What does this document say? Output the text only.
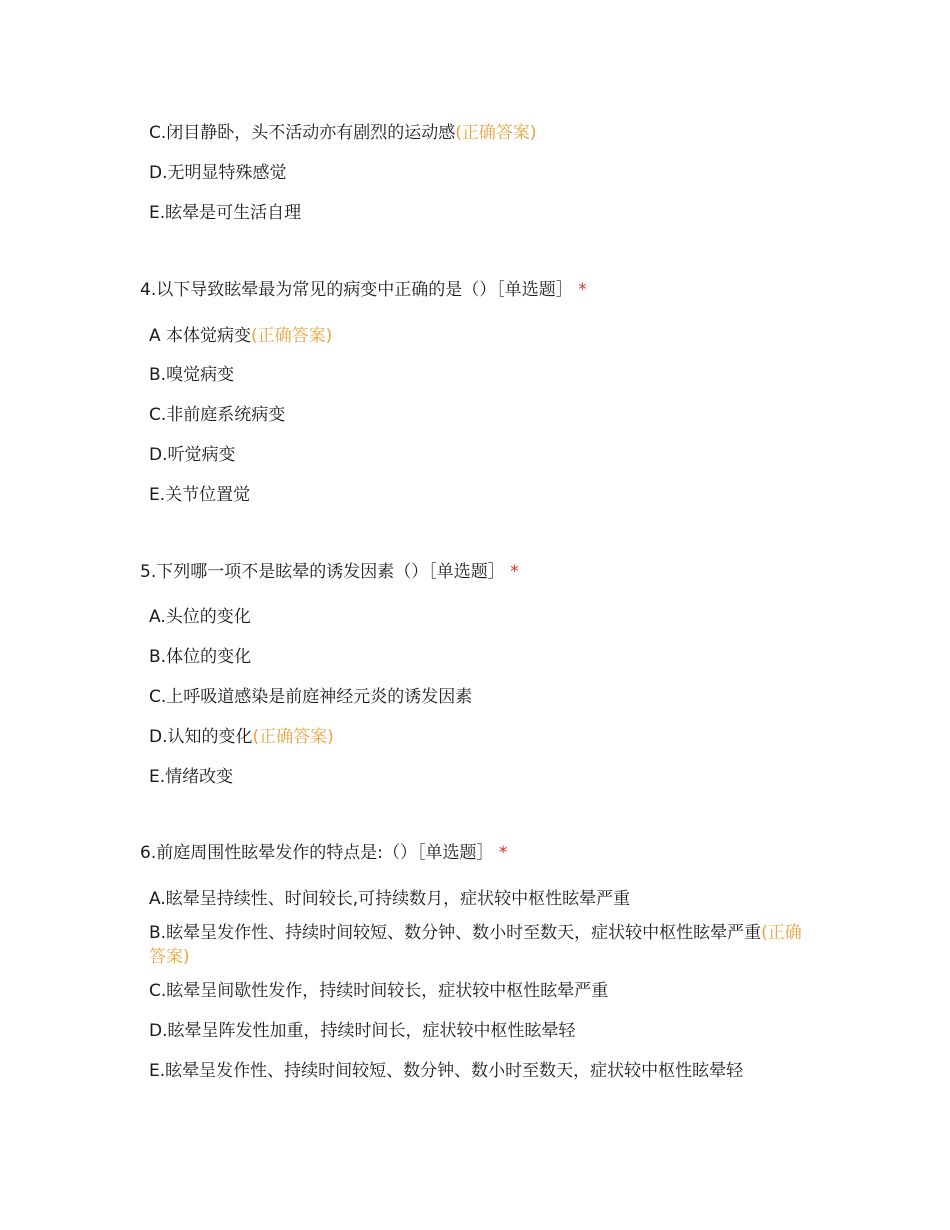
C.闭目静卧，头不活动亦有剧烈的运动感(正确答案)
D.无明显特殊感觉
E.眩晕是可生活自理
4.以下导致眩晕最为常见的病变中正确的是（）［单选题］ *
A 本体觉病变(正确答案)
B.嗅觉病变
C.非前庭系统病变
D.听觉病变
E.关节位置觉
5.下列哪一项不是眩晕的诱发因素（）［单选题］ *
A.头位的变化
B.体位的变化
C.上呼吸道感染是前庭神经元炎的诱发因素
D.认知的变化(正确答案)
E.情绪改变
6.前庭周围性眩晕发作的特点是:（）［单选题］ *
A.眩晕呈持续性、时间较长,可持续数月，症状较中枢性眩晕严重
B.眩晕呈发作性、持续时间较短、数分钟、数小时至数天，症状较中枢性眩晕严重(正确答案)
C.眩晕呈间歇性发作，持续时间较长，症状较中枢性眩晕严重
D.眩晕呈阵发性加重，持续时间长，症状较中枢性眩晕轻
E.眩晕呈发作性、持续时间较短、数分钟、数小时至数天，症状较中枢性眩晕轻
